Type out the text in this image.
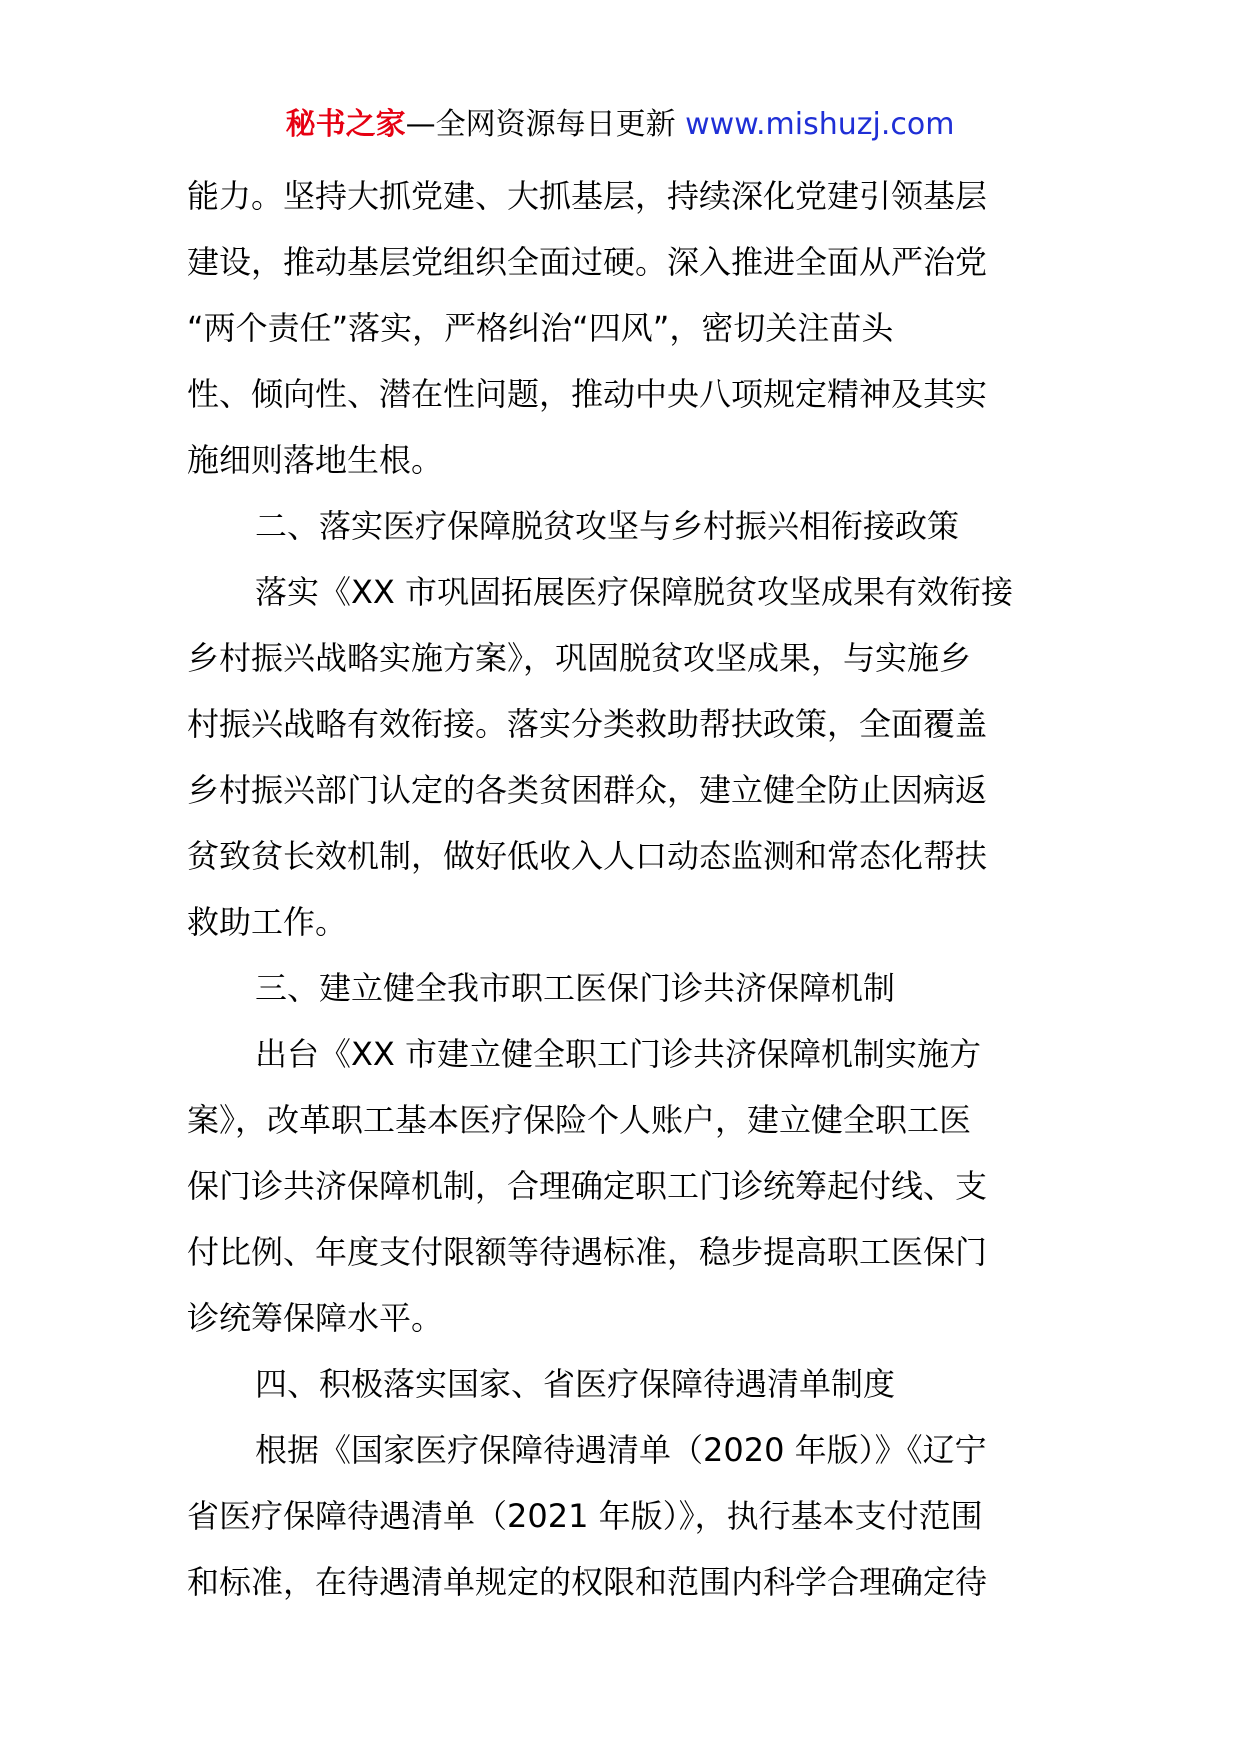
秘书之家—全网资源每日更新 www.mishuzj.com
能力。坚持大抓党建、大抓基层，持续深化党建引领基层
建设，推动基层党组织全面过硬。深入推进全面从严治党
“两个责任”落实，严格纠治“四风”，密切关注苗头
性、倾向性、潜在性问题，推动中央八项规定精神及其实
施细则落地生根。
二、落实医疗保障脱贫攻坚与乡村振兴相衔接政策
落实《XX 市巩固拓展医疗保障脱贫攻坚成果有效衔接
乡村振兴战略实施方案》，巩固脱贫攻坚成果，与实施乡
村振兴战略有效衔接。落实分类救助帮扶政策，全面覆盖
乡村振兴部门认定的各类贫困群众，建立健全防止因病返
贫致贫长效机制，做好低收入人口动态监测和常态化帮扶
救助工作。
三、建立健全我市职工医保门诊共济保障机制
出台《XX 市建立健全职工门诊共济保障机制实施方
案》，改革职工基本医疗保险个人账户，建立健全职工医
保门诊共济保障机制，合理确定职工门诊统筹起付线、支
付比例、年度支付限额等待遇标准，稳步提高职工医保门
诊统筹保障水平。
四、积极落实国家、省医疗保障待遇清单制度
根据《国家医疗保障待遇清单（2020 年版）》《辽宁
省医疗保障待遇清单（2021 年版）》，执行基本支付范围
和标准，在待遇清单规定的权限和范围内科学合理确定待
